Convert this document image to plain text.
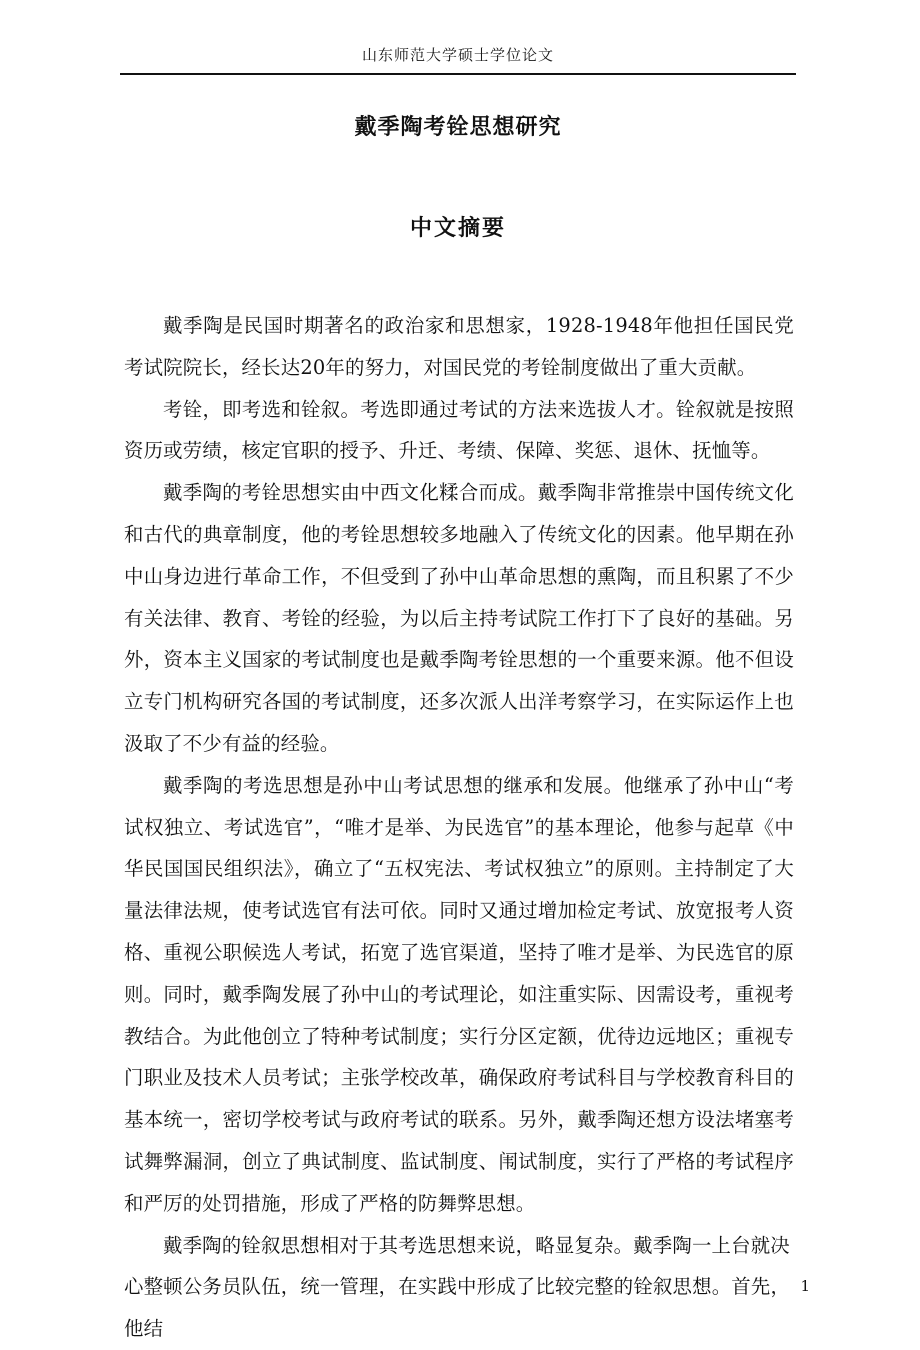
山东师范大学硕士学位论文
戴季陶考铨思想研究
中文摘要

戴季陶是民国时期著名的政治家和思想家，1928-1948年他担任国民党考试院院长，经长达20年的努力，对国民党的考铨制度做出了重大贡献。

考铨，即考选和铨叙。考选即通过考试的方法来选拔人才。铨叙就是按照资历或劳绩，核定官职的授予、升迁、考绩、保障、奖惩、退休、抚恤等。

戴季陶的考铨思想实由中西文化糅合而成。戴季陶非常推崇中国传统文化和古代的典章制度，他的考铨思想较多地融入了传统文化的因素。他早期在孙中山身边进行革命工作，不但受到了孙中山革命思想的熏陶，而且积累了不少有关法律、教育、考铨的经验，为以后主持考试院工作打下了良好的基础。另外，资本主义国家的考试制度也是戴季陶考铨思想的一个重要来源。他不但设立专门机构研究各国的考试制度，还多次派人出洋考察学习，在实际运作上也汲取了不少有益的经验。

戴季陶的考选思想是孙中山考试思想的继承和发展。他继承了孙中山“考试权独立、考试选官”，“唯才是举、为民选官”的基本理论，他参与起草《中华民国国民组织法》，确立了“五权宪法、考试权独立”的原则。主持制定了大量法律法规，使考试选官有法可依。同时又通过增加检定考试、放宽报考人资格、重视公职候选人考试，拓宽了选官渠道，坚持了唯才是举、为民选官的原则。同时，戴季陶发展了孙中山的考试理论，如注重实际、因需设考，重视考教结合。为此他创立了特种考试制度；实行分区定额，优待边远地区；重视专门职业及技术人员考试；主张学校改革，确保政府考试科目与学校教育科目的基本统一，密切学校考试与政府考试的联系。另外，戴季陶还想方设法堵塞考试舞弊漏洞，创立了典试制度、监试制度、闱试制度，实行了严格的考试程序和严厉的处罚措施，形成了严格的防舞弊思想。

戴季陶的铨叙思想相对于其考选思想来说，略显复杂。戴季陶一上台就决心整顿公务员队伍，统一管理，在实践中形成了比较完整的铨叙思想。首先，他结

1
